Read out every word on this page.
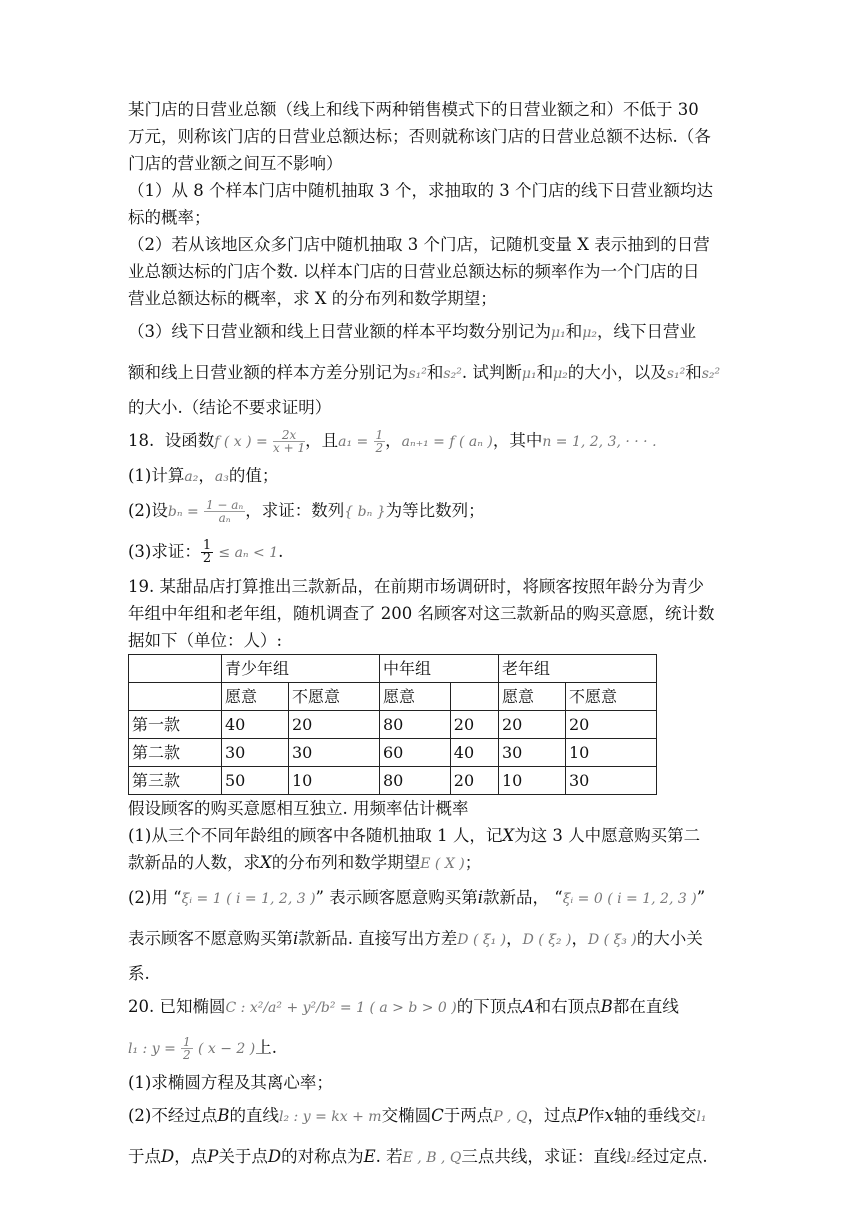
某门店的日营业总额（线上和线下两种销售模式下的日营业额之和）不低于 30
万元，则称该门店的日营业总额达标；否则就称该门店的日营业总额不达标.（各
门店的营业额之间互不影响）
（1）从 8 个样本门店中随机抽取 3 个，求抽取的 3 个门店的线下日营业额均达
标的概率；
（2）若从该地区众多门店中随机抽取 3 个门店，记随机变量 X 表示抽到的日营
业总额达标的门店个数. 以样本门店的日营业总额达标的频率作为一个门店的日
营业总额达标的概率，求 X 的分布列和数学期望；
（3）线下日营业额和线上日营业额的样本平均数分别记为μ₁和μ₂，线下日营业
额和线上日营业额的样本方差分别记为s₁²和s₂². 试判断μ₁和μ₂的大小，以及s₁²和s₂²
的大小.（结论不要求证明）
18. 设函数f ( x ) = $\frac{2x}{x + 1}$ ，且$a_1 = \frac{1}{2}$ ，aₙ₊₁ = f ( aₙ )，其中n = 1, 2, 3, · · · .
(1)计算a₂，a₃的值；
(2)设$b_n = \frac{\text{1 − aₙ}}{\text{aₙ}}$ ，求证：数列{ bₙ }为等比数列；
(3)求证： $\frac{1}{2} \le a_n < 1$.
19. 某甜品店打算推出三款新品，在前期市场调研时，将顾客按照年龄分为青少
年组中年组和老年组，随机调查了 200 名顾客对这三款新品的购买意愿，统计数
据如下（单位：人）:
	青少年组		中年组		老年组	
	愿意	不愿意	愿意		愿意	不愿意
第一款	40	20	80	20	20	20
第二款	30	30	60	40	30	10
第三款	50	10	80	20	10	30
假设顾客的购买意愿相互独立. 用频率估计概率
(1)从三个不同年龄组的顾客中各随机抽取 1 人，记X为这 3 人中愿意购买第二
款新品的人数，求X的分布列和数学期望E ( X )；
(2)用 “ξᵢ = 1 ( i = 1, 2, 3 )” 表示顾客愿意购买第i款新品， “ξᵢ = 0 ( i = 1, 2, 3 )”
表示顾客不愿意购买第i款新品. 直接写出方差D ( ξ₁ )，D ( ξ₂ )，D ( ξ₃ )的大小关
系.
20. 已知椭圆C : x²/a² + y²/b² = 1 ( a > b > 0 )的下顶点A和右顶点B都在直线
l₁ : $y = \frac{1}{2}$ ( x − 2 )上.
(1)求椭圆方程及其离心率；
(2)不经过点B的直线l₂ : y = kx + m交椭圆C于两点P , Q，过点P作x轴的垂线交l₁
于点D，点P关于点D的对称点为E. 若E , B , Q三点共线，求证：直线l₂经过定点.
